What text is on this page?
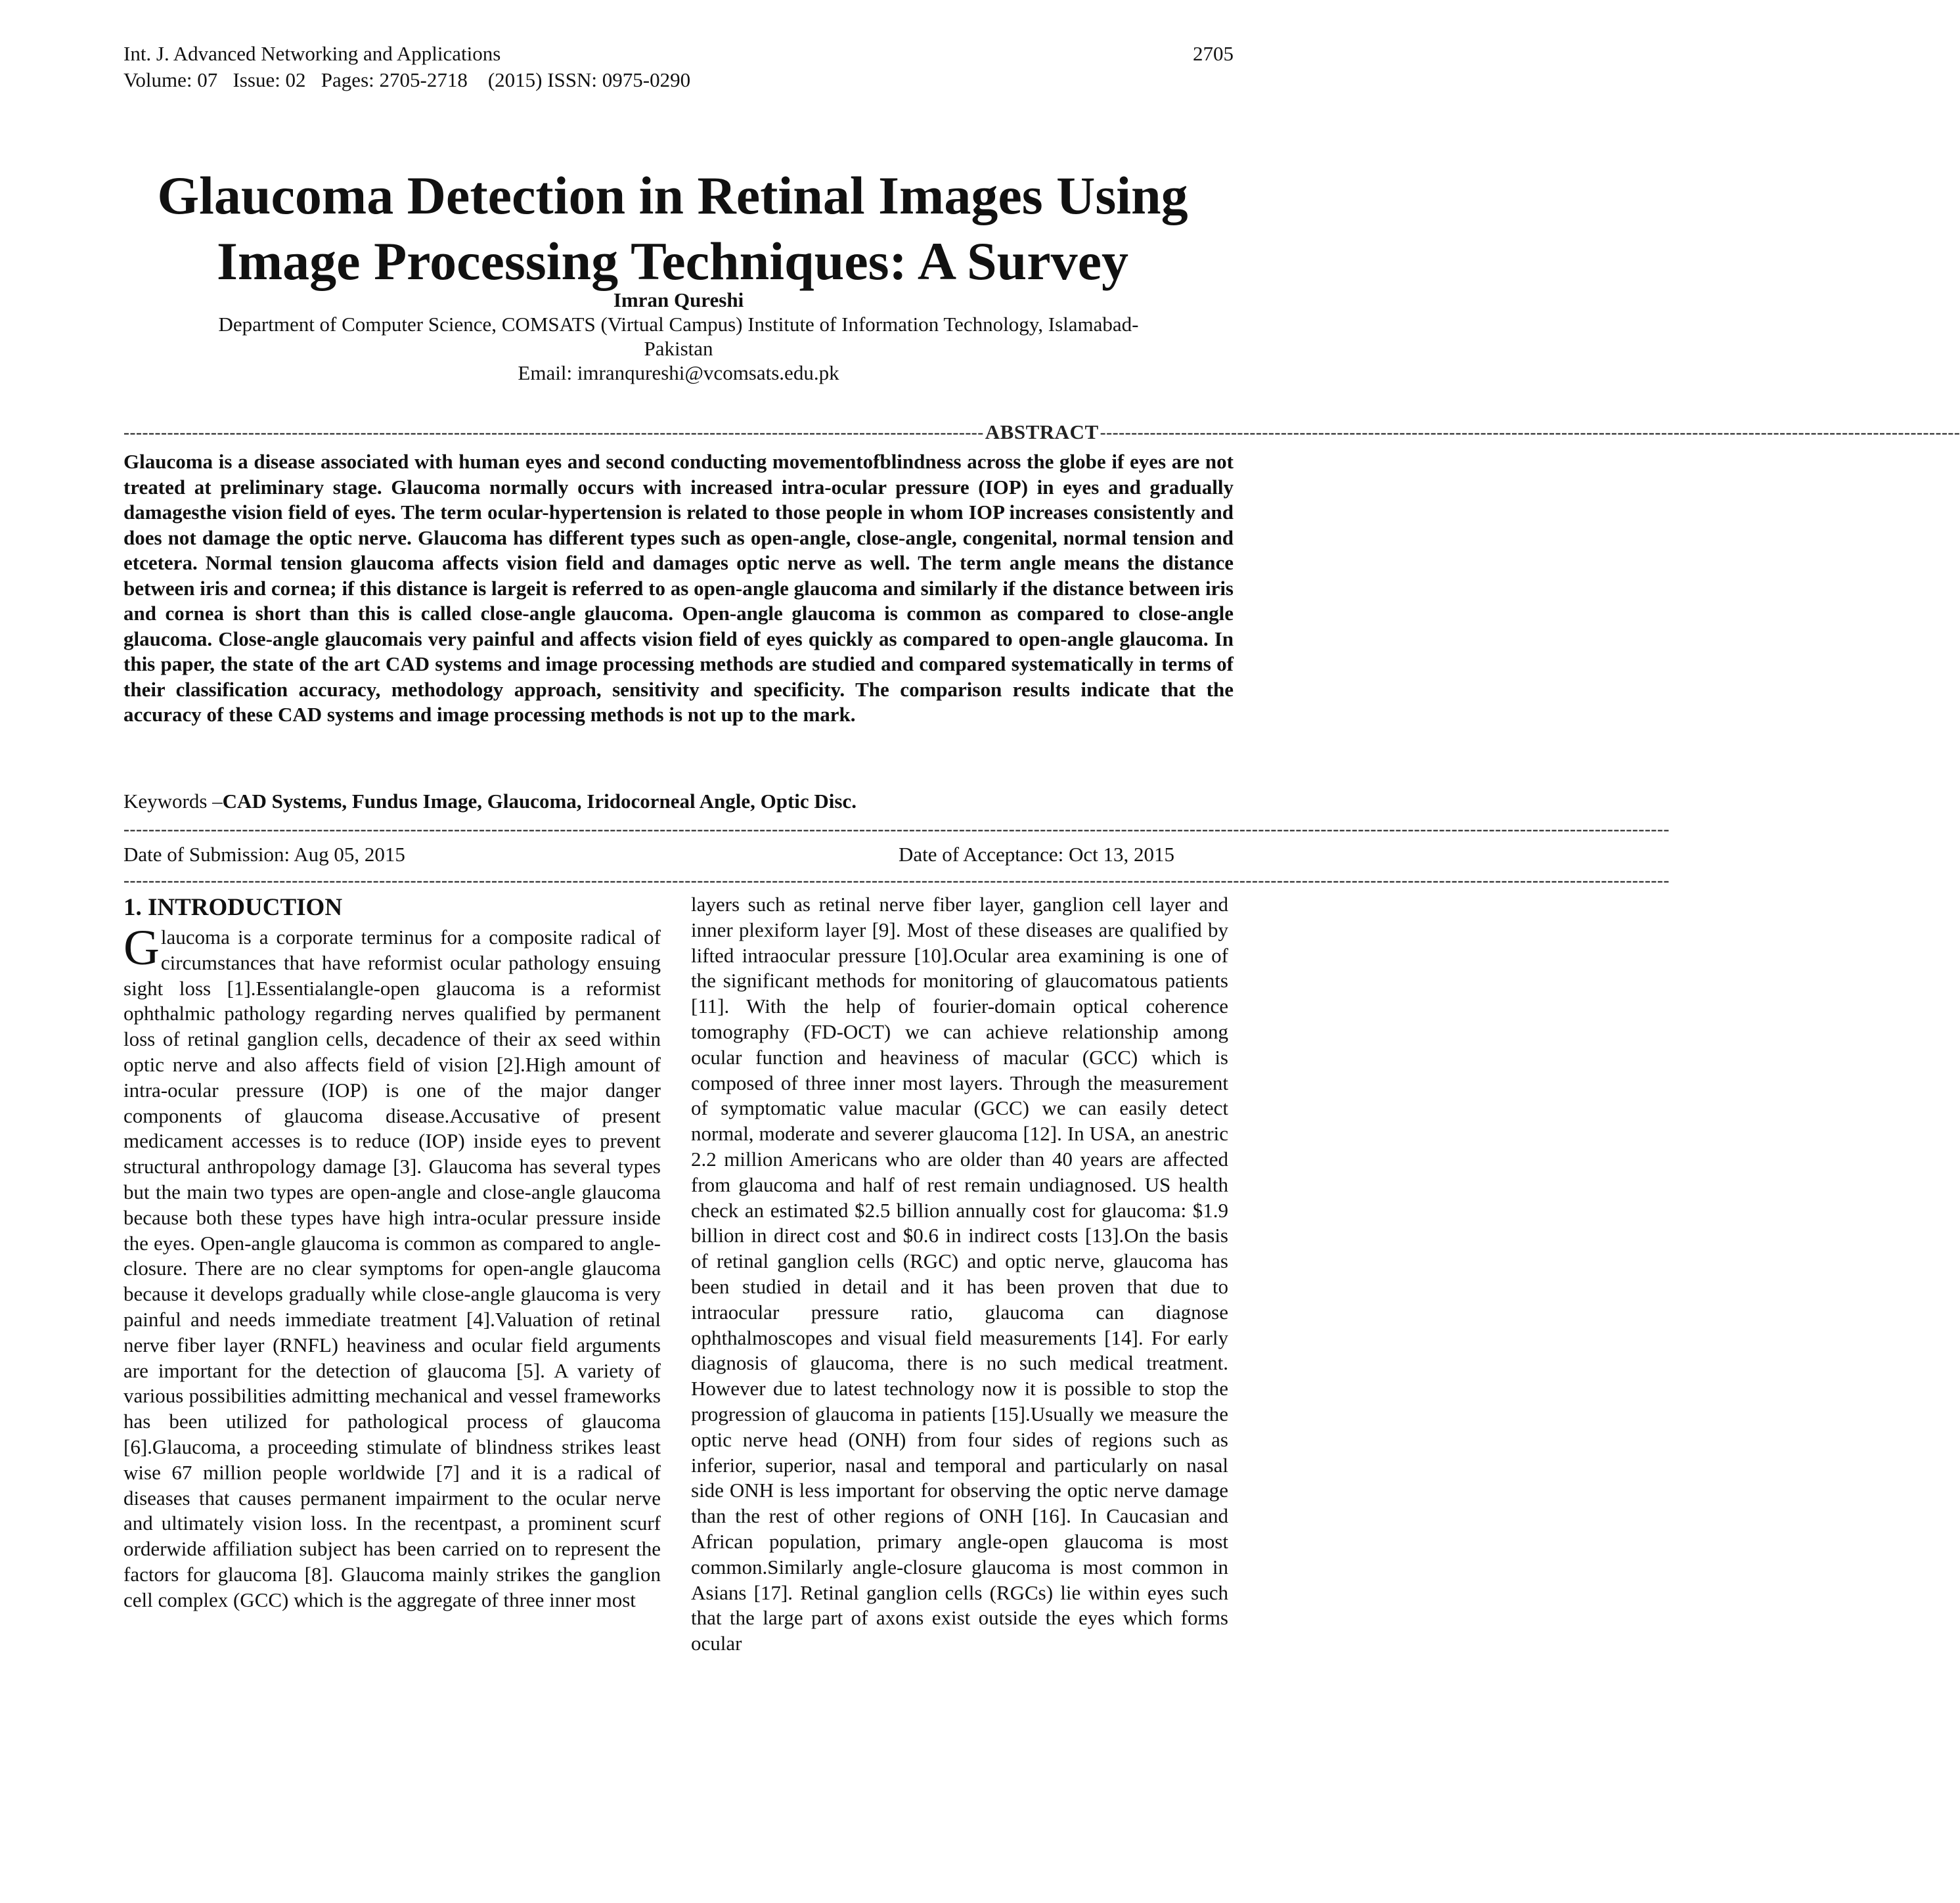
Int. J. Advanced Networking and Applications	2705
Volume: 07   Issue: 02   Pages: 2705-2718    (2015) ISSN: 0975-0290
Glaucoma Detection in Retinal Images Using
Image Processing Techniques: A Survey
Imran Qureshi
Department of Computer Science, COMSATS (Virtual Campus) Institute of Information Technology, Islamabad-
Pakistan
Email: imranqureshi@vcomsats.edu.pk
------------------------------------------------------------------------------------------------------------------------------------------ ABSTRACT ------------------------------------------------------------------------------------------------------------------------------------------
Glaucoma is a disease associated with human eyes and second conducting movementofblindness across the globe if eyes are not treated at preliminary stage. Glaucoma normally occurs with increased intra-ocular pressure (IOP) in eyes and gradually damagesthe vision field of eyes. The term ocular-hypertension is related to those people in whom IOP increases consistently and does not damage the optic nerve. Glaucoma has different types such as open-angle, close-angle, congenital, normal tension and etcetera. Normal tension glaucoma affects vision field and damages optic nerve as well. The term angle means the distance between iris and cornea; if this distance is largeit is referred to as open-angle glaucoma and similarly if the distance between iris and cornea is short than this is called close-angle glaucoma. Open-angle glaucoma is common as compared to close-angle glaucoma. Close-angle glaucomais very painful and affects vision field of eyes quickly as compared to open-angle glaucoma. In this paper, the state of the art CAD systems and image processing methods are studied and compared systematically in terms of their classification accuracy, methodology approach, sensitivity and specificity. The comparison results indicate that the accuracy of these CAD systems and image processing methods is not up to the mark.
Keywords –CAD Systems, Fundus Image, Glaucoma, Iridocorneal Angle, Optic Disc.
--------------------------------------------------------------------------------------------------------------------------------------------------------------------------------------------------------------------------------------------------------
Date of Submission: Aug 05, 2015	Date of Acceptance: Oct 13, 2015
--------------------------------------------------------------------------------------------------------------------------------------------------------------------------------------------------------------------------------------------------------
1. INTRODUCTION

Glaucoma is a corporate terminus for a composite radical of circumstances that have reformist ocular pathology ensuing sight loss [1].Essentialangle-open glaucoma is a reformist ophthalmic pathology regarding nerves qualified by permanent loss of retinal ganglion cells, decadence of their ax seed within optic nerve and also affects field of vision [2].High amount of intra-ocular pressure (IOP) is one of the major danger components of glaucoma disease.Accusative of present medicament accesses is to reduce (IOP) inside eyes to prevent structural anthropology damage [3]. Glaucoma has several types but the main two types are open-angle and close-angle glaucoma because both these types have high intra-ocular pressure inside the eyes. Open-angle glaucoma is common as compared to angle-closure. There are no clear symptoms for open-angle glaucoma because it develops gradually while close-angle glaucoma is very painful and needs immediate treatment [4].Valuation of retinal nerve fiber layer (RNFL) heaviness and ocular field arguments are important for the detection of glaucoma [5]. A variety of various possibilities admitting mechanical and vessel frameworks has been utilized for pathological process of glaucoma [6].Glaucoma, a proceeding stimulate of blindness strikes least wise 67 million people worldwide [7] and it is a radical of diseases that causes permanent impairment to the ocular nerve and ultimately vision loss. In the recentpast, a prominent scurf orderwide affiliation subject has been carried on to represent the factors for glaucoma [8]. Glaucoma mainly strikes the ganglion cell complex (GCC) which is the aggregate of three inner most

layers such as retinal nerve fiber layer, ganglion cell layer and inner plexiform layer [9]. Most of these diseases are qualified by lifted intraocular pressure [10].Ocular area examining is one of the significant methods for monitoring of glaucomatous patients [11]. With the help of fourier-domain optical coherence tomography (FD-OCT) we can achieve relationship among ocular function and heaviness of macular (GCC) which is composed of three inner most layers. Through the measurement of symptomatic value macular (GCC) we can easily detect normal, moderate and severer glaucoma [12]. In USA, an anestric 2.2 million Americans who are older than 40 years are affected from glaucoma and half of rest remain undiagnosed. US health check an estimated $2.5 billion annually cost for glaucoma: $1.9 billion in direct cost and $0.6 in indirect costs [13].On the basis of retinal ganglion cells (RGC) and optic nerve, glaucoma has been studied in detail and it has been proven that due to intraocular pressure ratio, glaucoma can diagnose ophthalmoscopes and visual field measurements [14]. For early diagnosis of glaucoma, there is no such medical treatment. However due to latest technology now it is possible to stop the progression of glaucoma in patients [15].Usually we measure the optic nerve head (ONH) from four sides of regions such as inferior, superior, nasal and temporal and particularly on nasal side ONH is less important for observing the optic nerve damage than the rest of other regions of ONH [16]. In Caucasian and African population, primary angle-open glaucoma is most common.Similarly angle-closure glaucoma is most common in Asians [17]. Retinal ganglion cells (RGCs) lie within eyes such that the large part of axons exist outside the eyes which forms ocular
